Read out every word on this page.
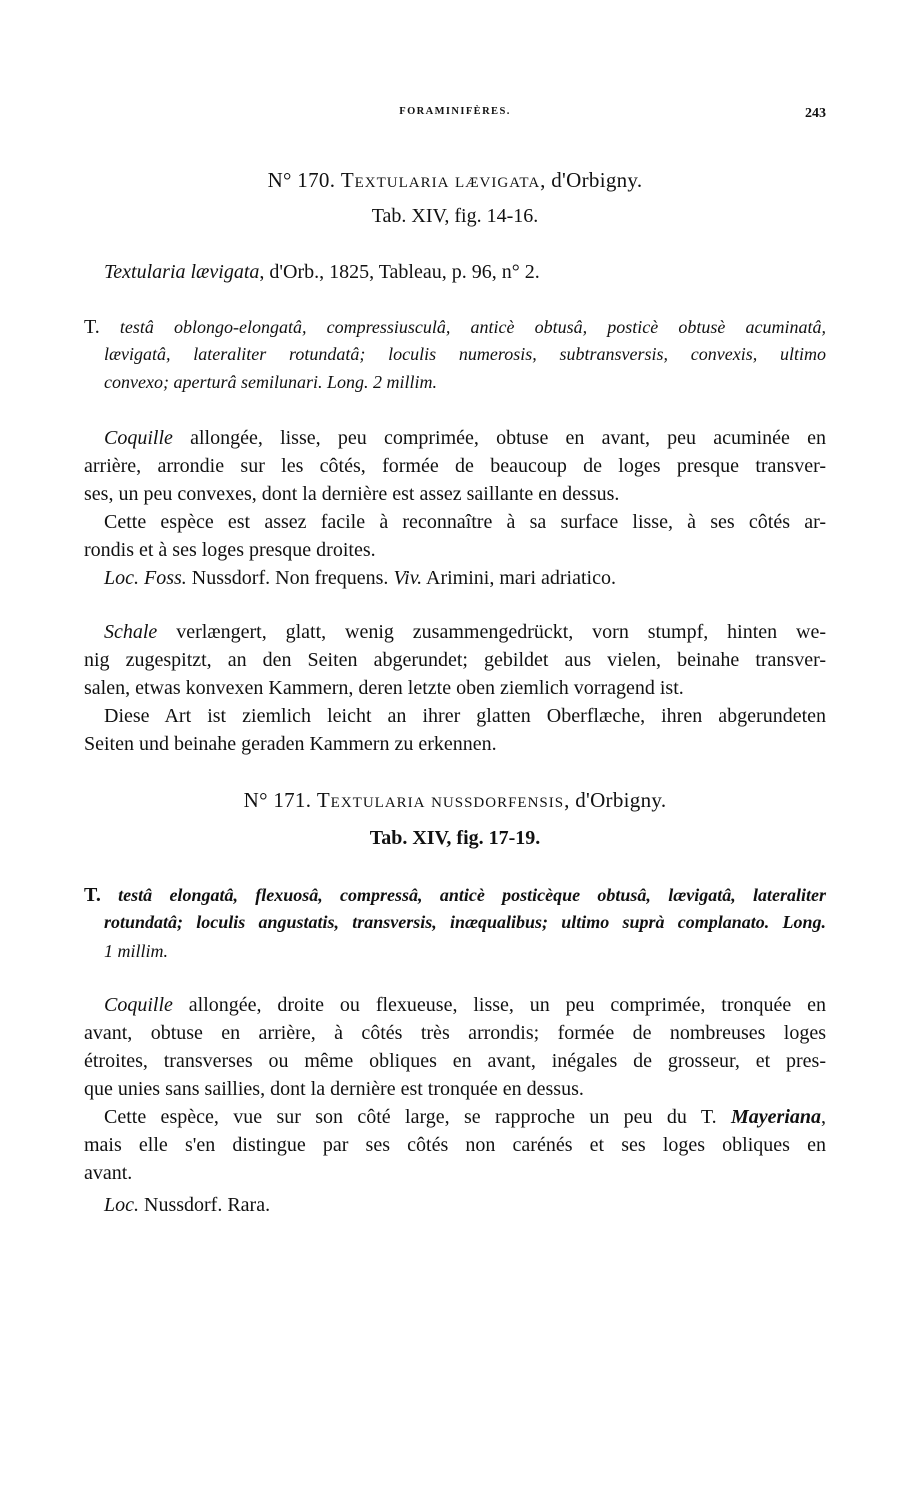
FORAMINIFÈRES.	243
N° 170. Textularia lævigata, d'Orbigny.
Tab. XIV, fig. 14-16.
Textularia lævigata, d'Orb., 1825, Tableau, p. 96, n° 2.
T. testâ oblongo-elongatâ, compressiusculâ, anticè obtusâ, posticè obtusè acuminatâ,
lævigatâ, lateraliter rotundatâ; loculis numerosis, subtransversis, convexis, ultimo
convexo; aperturâ semilunari. Long. 2 millim.
Coquille allongée, lisse, peu comprimée, obtuse en avant, peu acuminée en
arrière, arrondie sur les côtés, formée de beaucoup de loges presque transver-
ses, un peu convexes, dont la dernière est assez saillante en dessus.
Cette espèce est assez facile à reconnaître à sa surface lisse, à ses côtés ar-
rondis et à ses loges presque droites.
Loc. Foss. Nussdorf. Non frequens. Viv. Arimini, mari adriatico.
Schale verlængert, glatt, wenig zusammengedrückt, vorn stumpf, hinten we-
nig zugespitzt, an den Seiten abgerundet; gebildet aus vielen, beinahe transver-
salen, etwas konvexen Kammern, deren letzte oben ziemlich vorragend ist.
Diese Art ist ziemlich leicht an ihrer glatten Oberflæche, ihren abgerundeten
Seiten und beinahe geraden Kammern zu erkennen.
N° 171. Textularia nussdorfensis, d'Orbigny.
Tab. XIV, fig. 17-19.
T. testâ elongatâ, flexuosâ, compressâ, anticè posticèque obtusâ, lævigatâ, lateraliter
rotundatâ; loculis angustatis, transversis, inæqualibus; ultimo suprà complanato. Long.
1 millim.
Coquille allongée, droite ou flexueuse, lisse, un peu comprimée, tronquée en
avant, obtuse en arrière, à côtés très arrondis; formée de nombreuses loges
étroites, transverses ou même obliques en avant, inégales de grosseur, et pres-
que unies sans saillies, dont la dernière est tronquée en dessus.
Cette espèce, vue sur son côté large, se rapproche un peu du T. Mayeriana,
mais elle s'en distingue par ses côtés non carénés et ses loges obliques en
avant.
Loc. Nussdorf. Rara.
